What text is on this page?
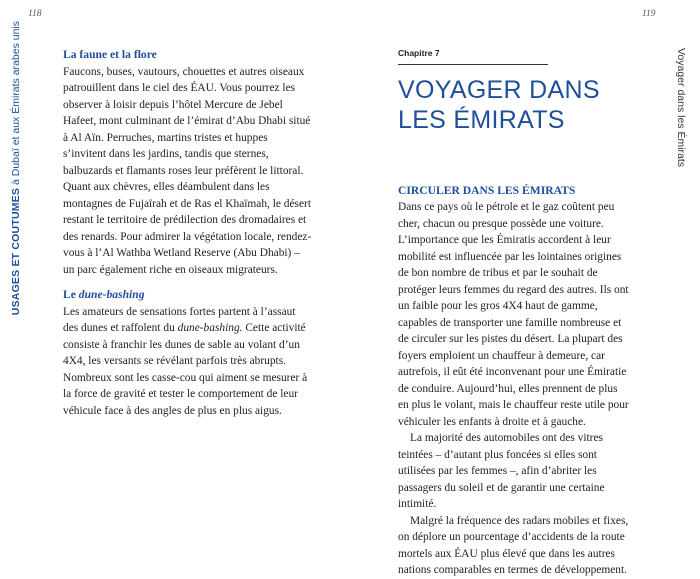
118
USAGES ET COUTUMES à Dubaï et aux Émirats arabes unis	La faune et la flore

Faucons, buses, vautours, chouettes et autres oiseaux patrouillent dans le ciel des ÉAU. Vous pourrez les observer à loisir depuis l’hôtel Mercure de Jebel Hafeet, mont culminant de l’émirat d’Abu Dhabi situé à Al Aïn. Perruches, martins tristes et huppes s’invitent dans les jardins, tandis que sternes, balbuzards et flamants roses leur préfèrent le littoral. Quant aux chèvres, elles déambulent dans les montagnes de Fujaïrah et de Ras el Khaïmah, le désert restant le territoire de prédilection des dromadaires et des renards. Pour admirer la végétation locale, rendez-vous à l’Al Wathba Wetland Reserve (Abu Dhabi) – un parc également riche en oiseaux migrateurs.

Le dune-bashing

Les amateurs de sensations fortes partent à l’assaut des dunes et raffolent du dune-bashing. Cette activité consiste à franchir les dunes de sable au volant d’un 4X4, les versants se révélant parfois très abrupts. Nombreux sont les casse-cou qui aiment se mesurer à la force de gravité et tester le comportement de leur véhicule face à des angles de plus en plus aigus.

119
Voyager dans les Émirats
Chapitre 7
VOYAGER DANS
LES ÉMIRATS
CIRCULER DANS LES ÉMIRATS

Dans ce pays où le pétrole et le gaz coûtent peu cher, chacun ou presque possède une voiture. L’importance que les Émiratis accordent à leur mobilité est influencée par les lointaines origines de bon nombre de tribus et par le souhait de protéger leurs femmes du regard des autres. Ils ont un faible pour les gros 4X4 haut de gamme, capables de transporter une famille nombreuse et de circuler sur les pistes du désert. La plupart des foyers emploient un chauffeur à demeure, car autrefois, il eût été inconvenant pour une Émiratie de conduire. Aujourd’hui, elles prennent de plus en plus le volant, mais le chauffeur reste utile pour véhiculer les enfants à droite et à gauche.

La majorité des automobiles ont des vitres teintées – d’autant plus foncées si elles sont utilisées par les femmes –, afin d’abriter les passagers du soleil et de garantir une certaine intimité.

Malgré la fréquence des radars mobiles et fixes, on déplore un pourcentage d’accidents de la route mortels aux ÉAU plus élevé que dans les autres nations comparables en termes de développement.
